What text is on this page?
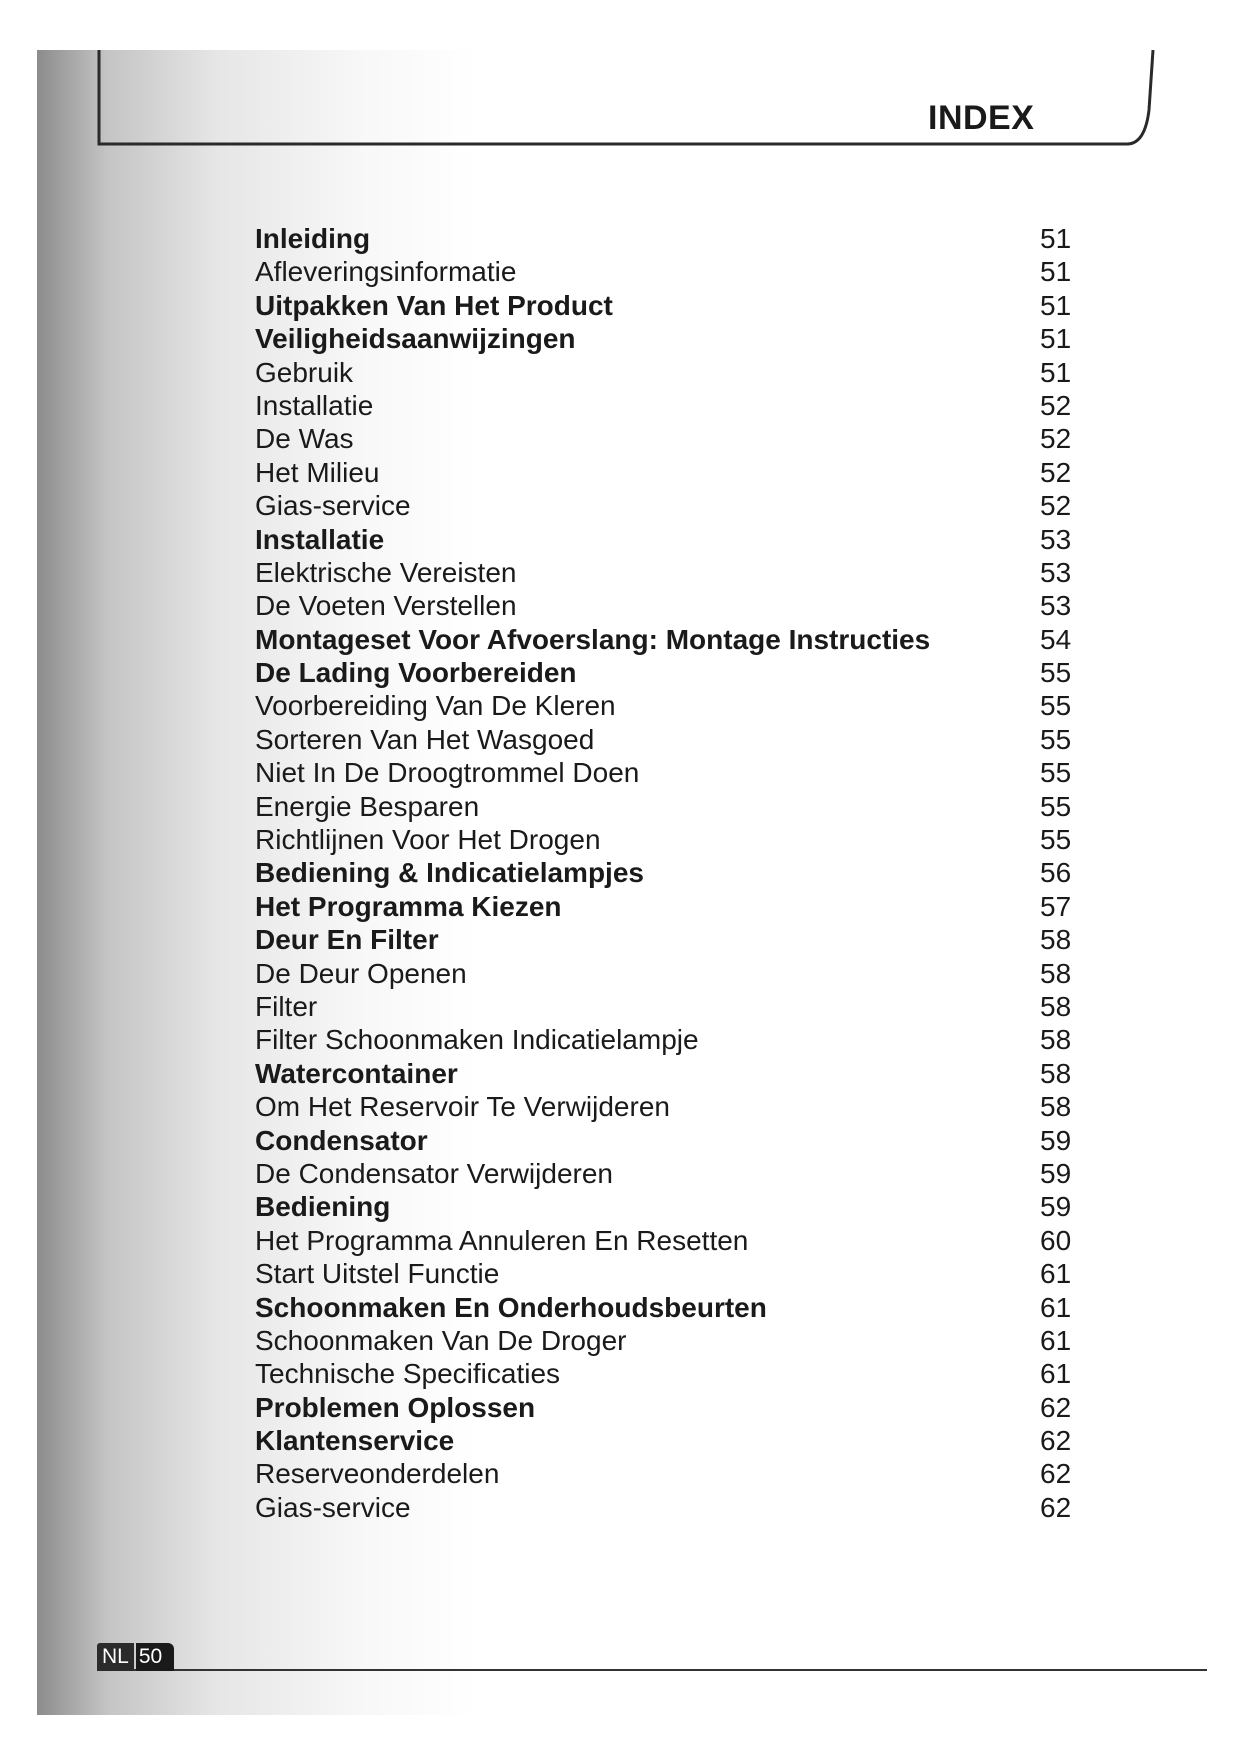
INDEX
Inleiding	51
Afleveringsinformatie	51
Uitpakken Van Het Product	51
Veiligheidsaanwijzingen	51
Gebruik	51
Installatie	52
De Was	52
Het Milieu	52
Gias-service	52
Installatie	53
Elektrische Vereisten	53
De Voeten Verstellen	53
Montageset Voor Afvoerslang: Montage Instructies	54
De Lading Voorbereiden	55
Voorbereiding Van De Kleren	55
Sorteren Van Het Wasgoed	55
Niet In De Droogtrommel Doen	55
Energie Besparen	55
Richtlijnen Voor Het Drogen	55
Bediening & Indicatielampjes	56
Het Programma Kiezen	57
Deur En Filter	58
De Deur Openen	58
Filter	58
Filter Schoonmaken Indicatielampje	58
Watercontainer	58
Om Het Reservoir Te Verwijderen	58
Condensator	59
De Condensator Verwijderen	59
Bediening	59
Het Programma Annuleren En Resetten	60
Start Uitstel Functie	61
Schoonmaken En Onderhoudsbeurten	61
Schoonmaken Van De Droger	61
Technische Specificaties	61
Problemen Oplossen	62
Klantenservice	62
Reserveonderdelen	62
Gias-service	62
NL 50
